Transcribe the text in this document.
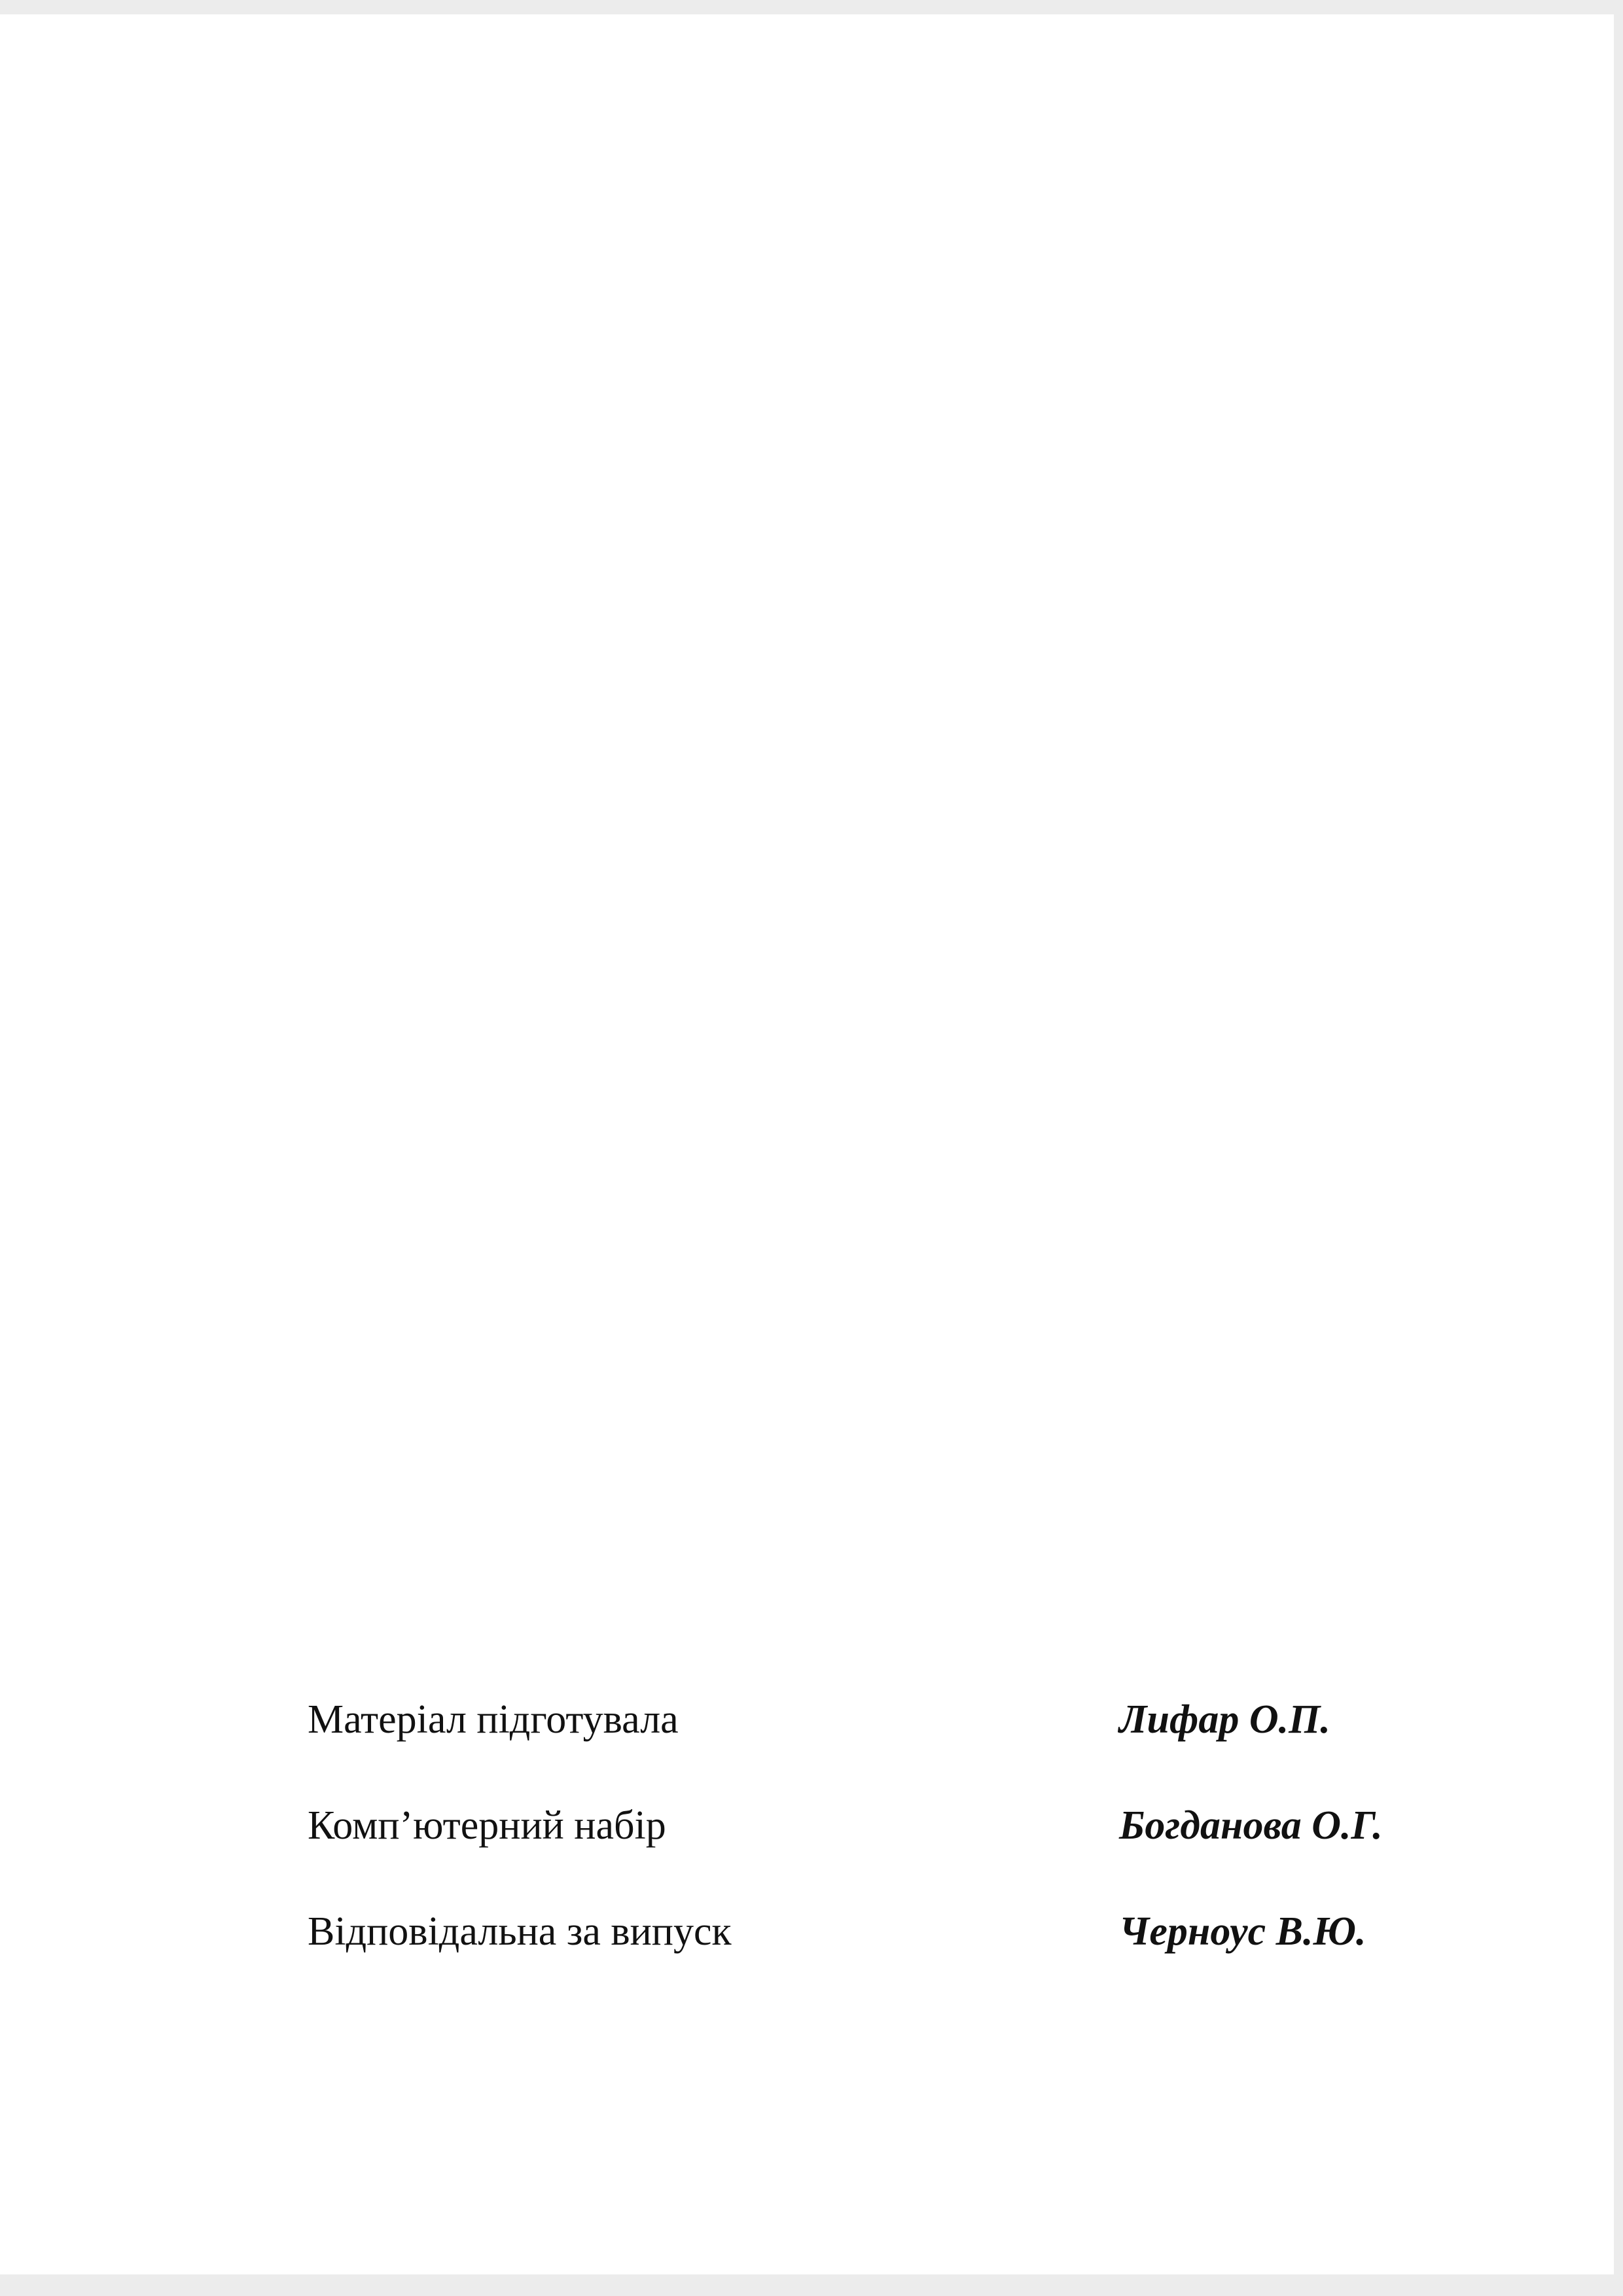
Матеріал підготувала	Лифар О.П.
Комп’ютерний набір	Богданова О.Г.
Відповідальна за випуск	Черноус В.Ю.
